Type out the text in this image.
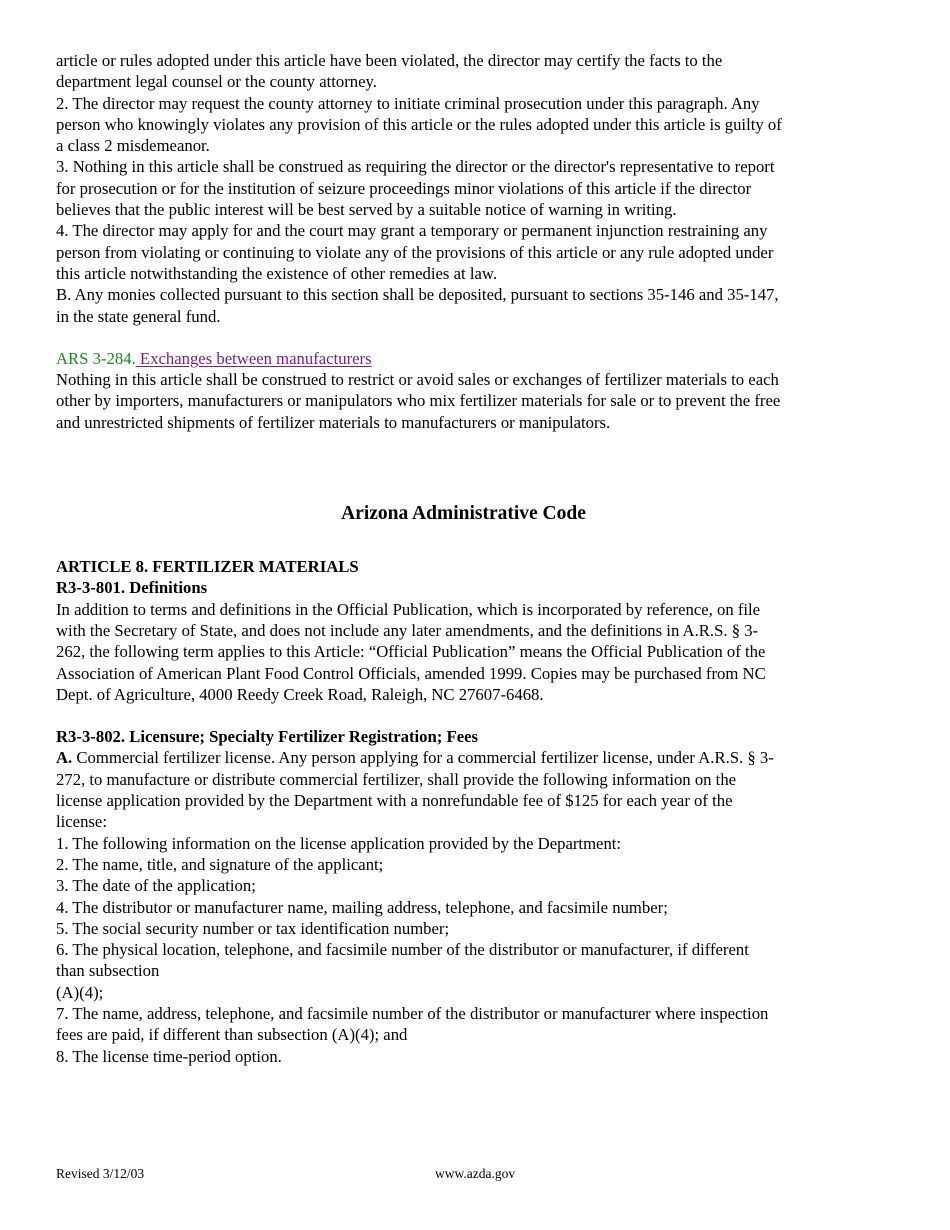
article or rules adopted under this article have been violated, the director may certify the facts to the
department legal counsel or the county attorney.
2. The director may request the county attorney to initiate criminal prosecution under this paragraph. Any
person who knowingly violates any provision of this article or the rules adopted under this article is guilty of
a class 2 misdemeanor.
3. Nothing in this article shall be construed as requiring the director or the director's representative to report
for prosecution or for the institution of seizure proceedings minor violations of this article if the director
believes that the public interest will be best served by a suitable notice of warning in writing.
4. The director may apply for and the court may grant a temporary or permanent injunction restraining any
person from violating or continuing to violate any of the provisions of this article or any rule adopted under
this article notwithstanding the existence of other remedies at law.
B. Any monies collected pursuant to this section shall be deposited, pursuant to sections 35-146 and 35-147,
in the state general fund.
ARS 3-284. Exchanges between manufacturers
Nothing in this article shall be construed to restrict or avoid sales or exchanges of fertilizer materials to each
other by importers, manufacturers or manipulators who mix fertilizer materials for sale or to prevent the free
and unrestricted shipments of fertilizer materials to manufacturers or manipulators.
Arizona Administrative Code
ARTICLE 8. FERTILIZER MATERIALS
R3-3-801. Definitions
In addition to terms and definitions in the Official Publication, which is incorporated by reference, on file
with the Secretary of State, and does not include any later amendments, and the definitions in A.R.S. § 3-
262, the following term applies to this Article: “Official Publication” means the Official Publication of the
Association of American Plant Food Control Officials, amended 1999. Copies may be purchased from NC
Dept. of Agriculture, 4000 Reedy Creek Road, Raleigh, NC 27607-6468.
R3-3-802. Licensure; Specialty Fertilizer Registration; Fees
A. Commercial fertilizer license. Any person applying for a commercial fertilizer license, under A.R.S. § 3-
272, to manufacture or distribute commercial fertilizer, shall provide the following information on the
license application provided by the Department with a nonrefundable fee of $125 for each year of the
license:
1. The following information on the license application provided by the Department:
2. The name, title, and signature of the applicant;
3. The date of the application;
4. The distributor or manufacturer name, mailing address, telephone, and facsimile number;
5. The social security number or tax identification number;
6. The physical location, telephone, and facsimile number of the distributor or manufacturer, if different
than subsection
(A)(4);
7. The name, address, telephone, and facsimile number of the distributor or manufacturer where inspection
fees are paid, if different than subsection (A)(4); and
8. The license time-period option.
Revised 3/12/03	www.azda.gov
